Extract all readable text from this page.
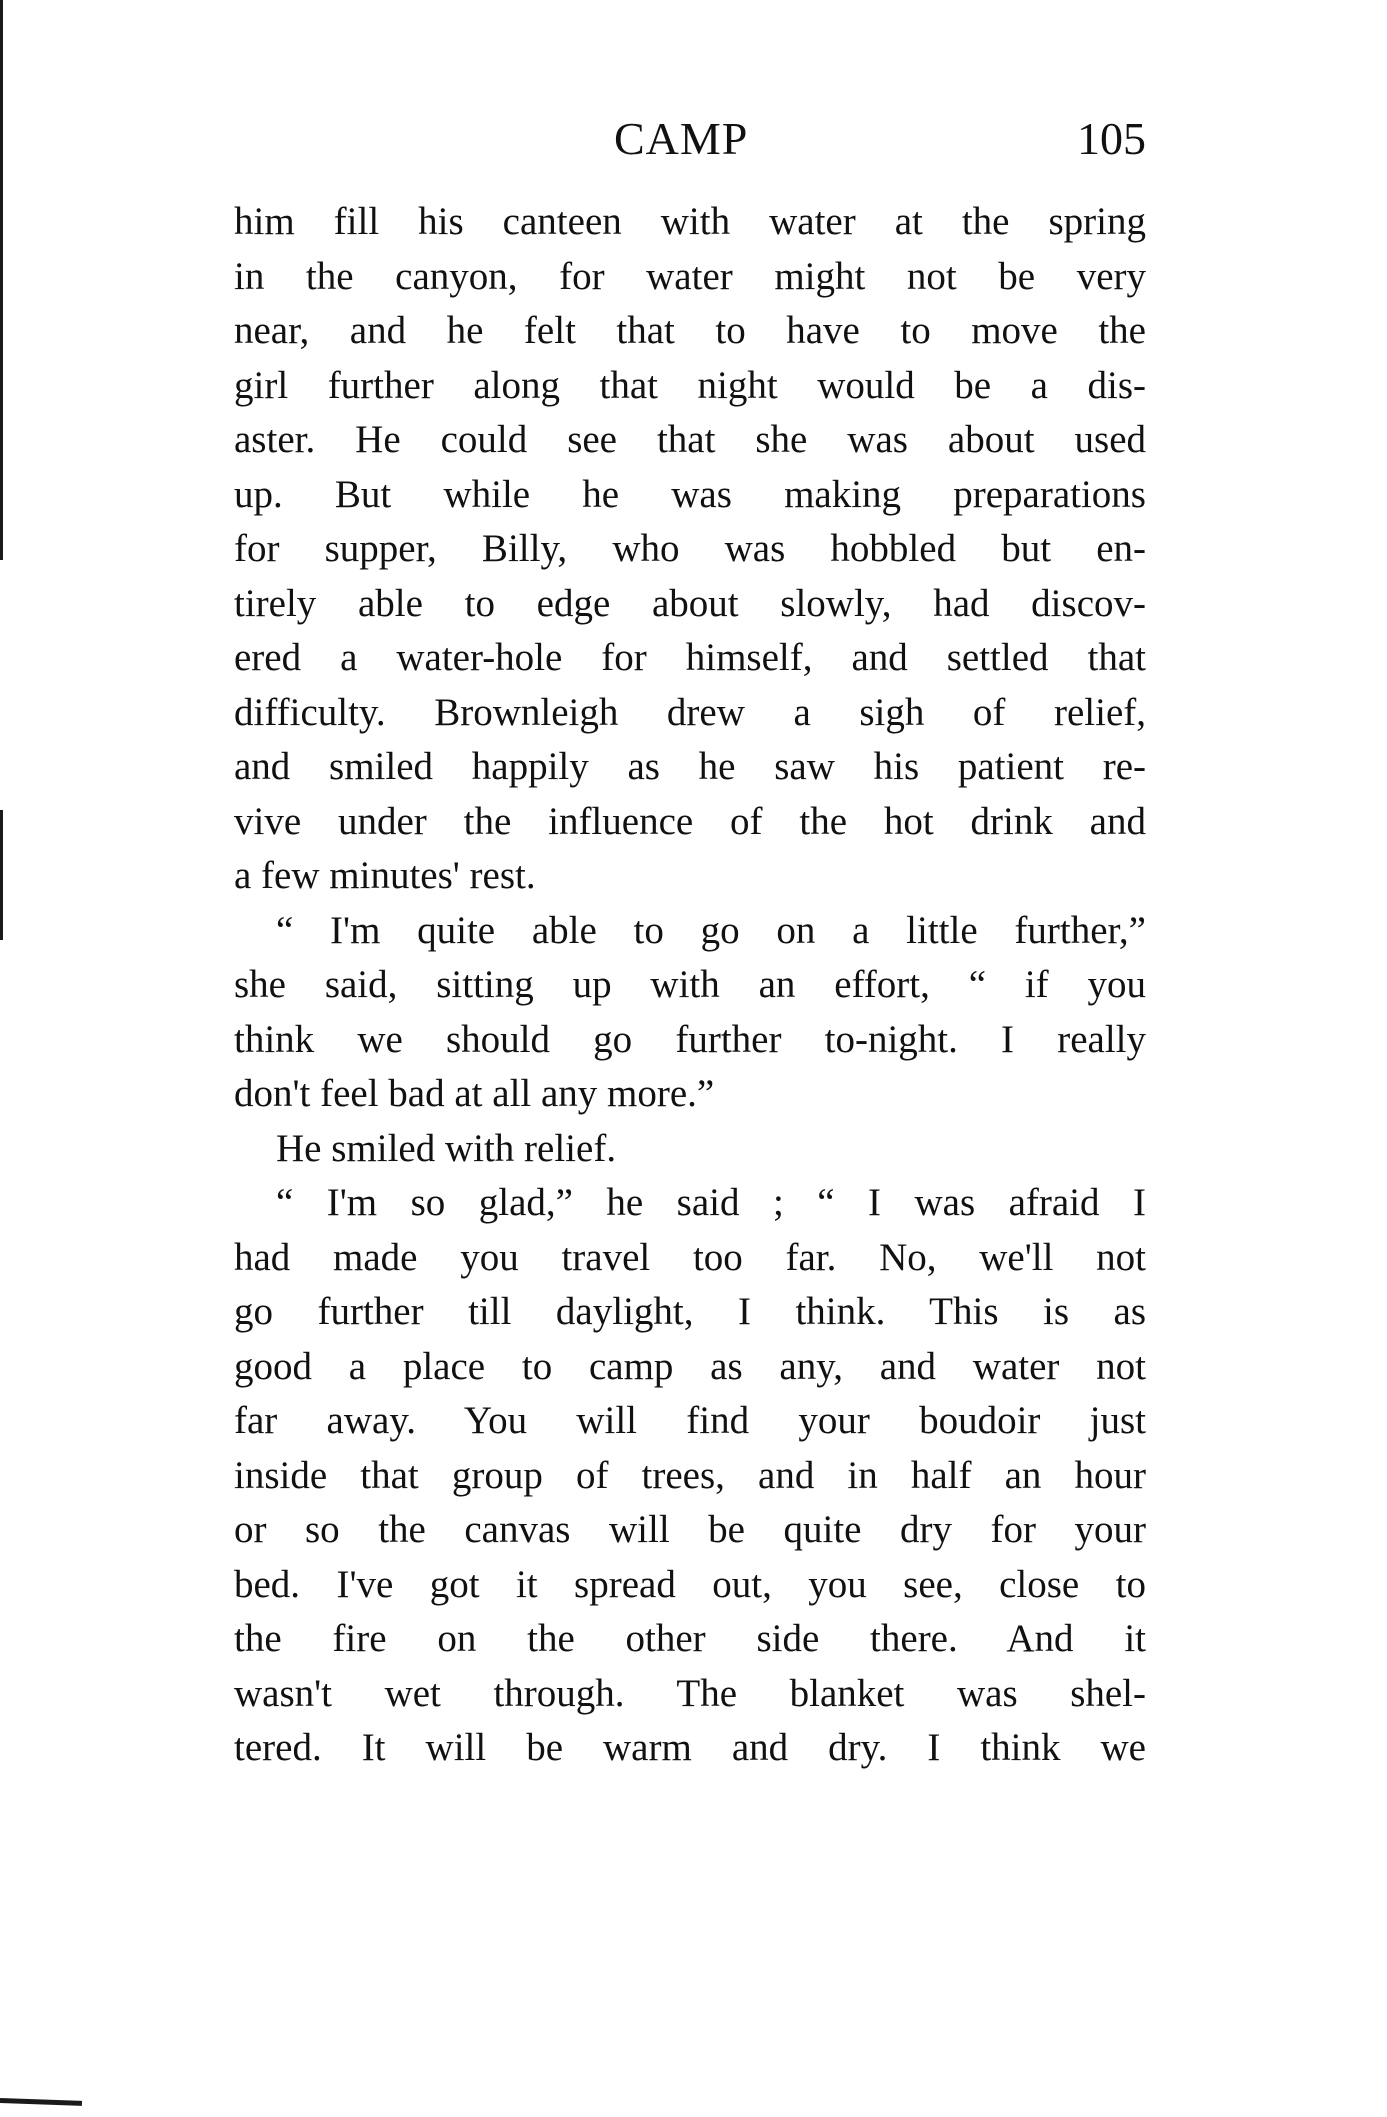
CAMP	105
him fill his canteen with water at the spring
in the canyon, for water might not be very
near, and he felt that to have to move the
girl further along that night would be a dis-
aster. He could see that she was about used
up. But while he was making preparations
for supper, Billy, who was hobbled but en-
tirely able to edge about slowly, had discov-
ered a water-hole for himself, and settled that
difficulty. Brownleigh drew a sigh of relief,
and smiled happily as he saw his patient re-
vive under the influence of the hot drink and
a few minutes' rest.
“ I'm quite able to go on a little further,”
she said, sitting up with an effort, “ if you
think we should go further to-night. I really
don't feel bad at all any more.”
He smiled with relief.
“ I'm so glad,” he said ; “ I was afraid I
had made you travel too far. No, we'll not
go further till daylight, I think. This is as
good a place to camp as any, and water not
far away. You will find your boudoir just
inside that group of trees, and in half an hour
or so the canvas will be quite dry for your
bed. I've got it spread out, you see, close to
the fire on the other side there. And it
wasn't wet through. The blanket was shel-
tered. It will be warm and dry. I think we
